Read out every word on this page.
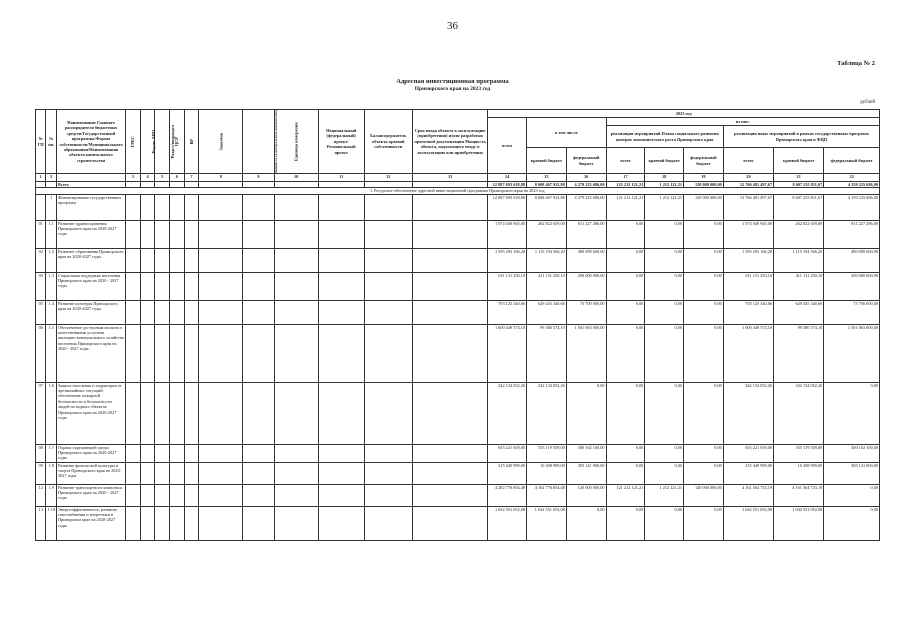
36
Таблица № 2
Адресная инвестиционная программа
Приморского края на 2023 год
рублей
№ ГП	№ пп.	Наименование Главного распорядителя бюджетных средств/Государственной программы/Формы собственности/Муниципального образования/Наименования объекта капитального строительства	ГРБС	Код по АИП	Раздел/подраздел	ЦСР	ВР	Заказчик	Мощность (в натуральных показателях)	Единица измерения	Национальный (федеральный) проект/Региональный проект	Балансодержатель объекта краевой собственности	Срок ввода объекта в эксплуатацию (приобретения) и/или разработки проектной документации Мощность объекта, подлежащего вводу в эксплуатацию или приобретению	2023 год								
														всего	в том числе		из них:					
																	реализация мероприятий Плана социального развития центров экономического роста Приморского края			реализация иных мероприятий в рамках государственных программ Приморского края и ФЦП		
															краевой бюджет	федеральный бюджет	всего	краевой бюджет	федеральный бюджет	всего	краевой бюджет	федеральный бюджет
1	2		3	4	5	6	7	8	9	10	11	12	13	14	15	16	17	18	19	20	21	22
		Всего												12 887 693 618,88	8 608 467 932,88	4 279 225 686,00	121 212 121,21	1 212 121,21	120 000 000,00	12 766 481 497,67	8 607 255 811,67	4 159 225 686,00
I. Ресурсное обеспечение адресной инвестиционной программы Приморского края на 2023 год																						
	1	Финансирование государственных программ												12 887 693 618,88	8 608 467 932,88	4 279 225 686,00	121 212 121,21	1 212 121,21	120 000 000,00	12 766 481 497,67	8 607 255 811,67	4 159 225 686,00
01	1.1	Развитие здравоохранения Приморского края на 2020-2027 годы												1 074 049 945,00	262 822 659,00	811 227 286,00	0,00	0,00	0,00	1 074 049 945,00	262 822 659,00	811 227 286,00
02	1.2	Развитие образования Приморского края на 2020-2027 годы												1 595 293 166,20	1 115 194 566,20	480 098 600,00	0,00	0,00	0,00	1 595 293 166,20	1 115 194 566,20	480 098 600,00
03	1.3	Социальная поддержка населения Приморского края на 2020 - 2027 годы												611 131 250,10	411 131 250,10	200 000 000,00	0,00	0,00	0,00	611 131 250,10	411 131 250,10	200 000 000,00
05	1.4	Развитие культуры Приморского края на 2020-2027 годы												703 125 340,66	629 435 340,66	73 700 000,00	0,00	0,00	0,00	703 125 340,66	629 435 340,66	73 700 000,00
06	1.5	Обеспечение доступным жильем и качественными услугами жилищно-коммунального хозяйства населения Приморского края на 2020 - 2027 годы												1 600 449 574,10	99 386 574,10	1 501 063 000,00	0,00	0,00	0,00	1 600 449 574,10	99 386 574,10	1 501 063 000,00
07	1.6	Защита населения и территории от чрезвычайных ситуаций, обеспечение пожарной безопасности и безопасности людей на водных объектах Приморского края на 2020-2027 годы												342 134 052,26	342 134 052,26	0,00	0,00	0,00	0,00	342 134 052,26	342 134 052,26	0,00
08	1.7	Охрана окружающей среды Приморского края на 2020-2027 годы												655 221 659,00	355 119 559,00	300 102 100,00	0,00	0,00	0,00	655 221 659,00	355 119 559,00	300 102 100,00
09	1.8	Развитие физической культуры и спорта Приморского края на 2020-2027 годы												315 449 999,00	10 308 999,00	305 141 000,00	0,00	0,00	0,00	315 449 999,00	10 308 999,00	305 141 000,00
12	1.9	Развитие транспортного комплекса Приморского края на 2020 - 2027 годы												4 282 776 854,48	4 162 776 854,48	120 000 000,00	121 212 121,21	1 212 121,21	120 000 000,00	4 161 564 733,19	4 161 564 733,19	0,00
13	1.10	Энергоэффективность, развитие газоснабжения и энергетики в Приморском крае на 2020-2027 годы												1 042 551 052,08	1 042 551 052,08	0,00	0,00	0,00	0,00	1 042 551 052,08	1 042 551 052,08	0,00
